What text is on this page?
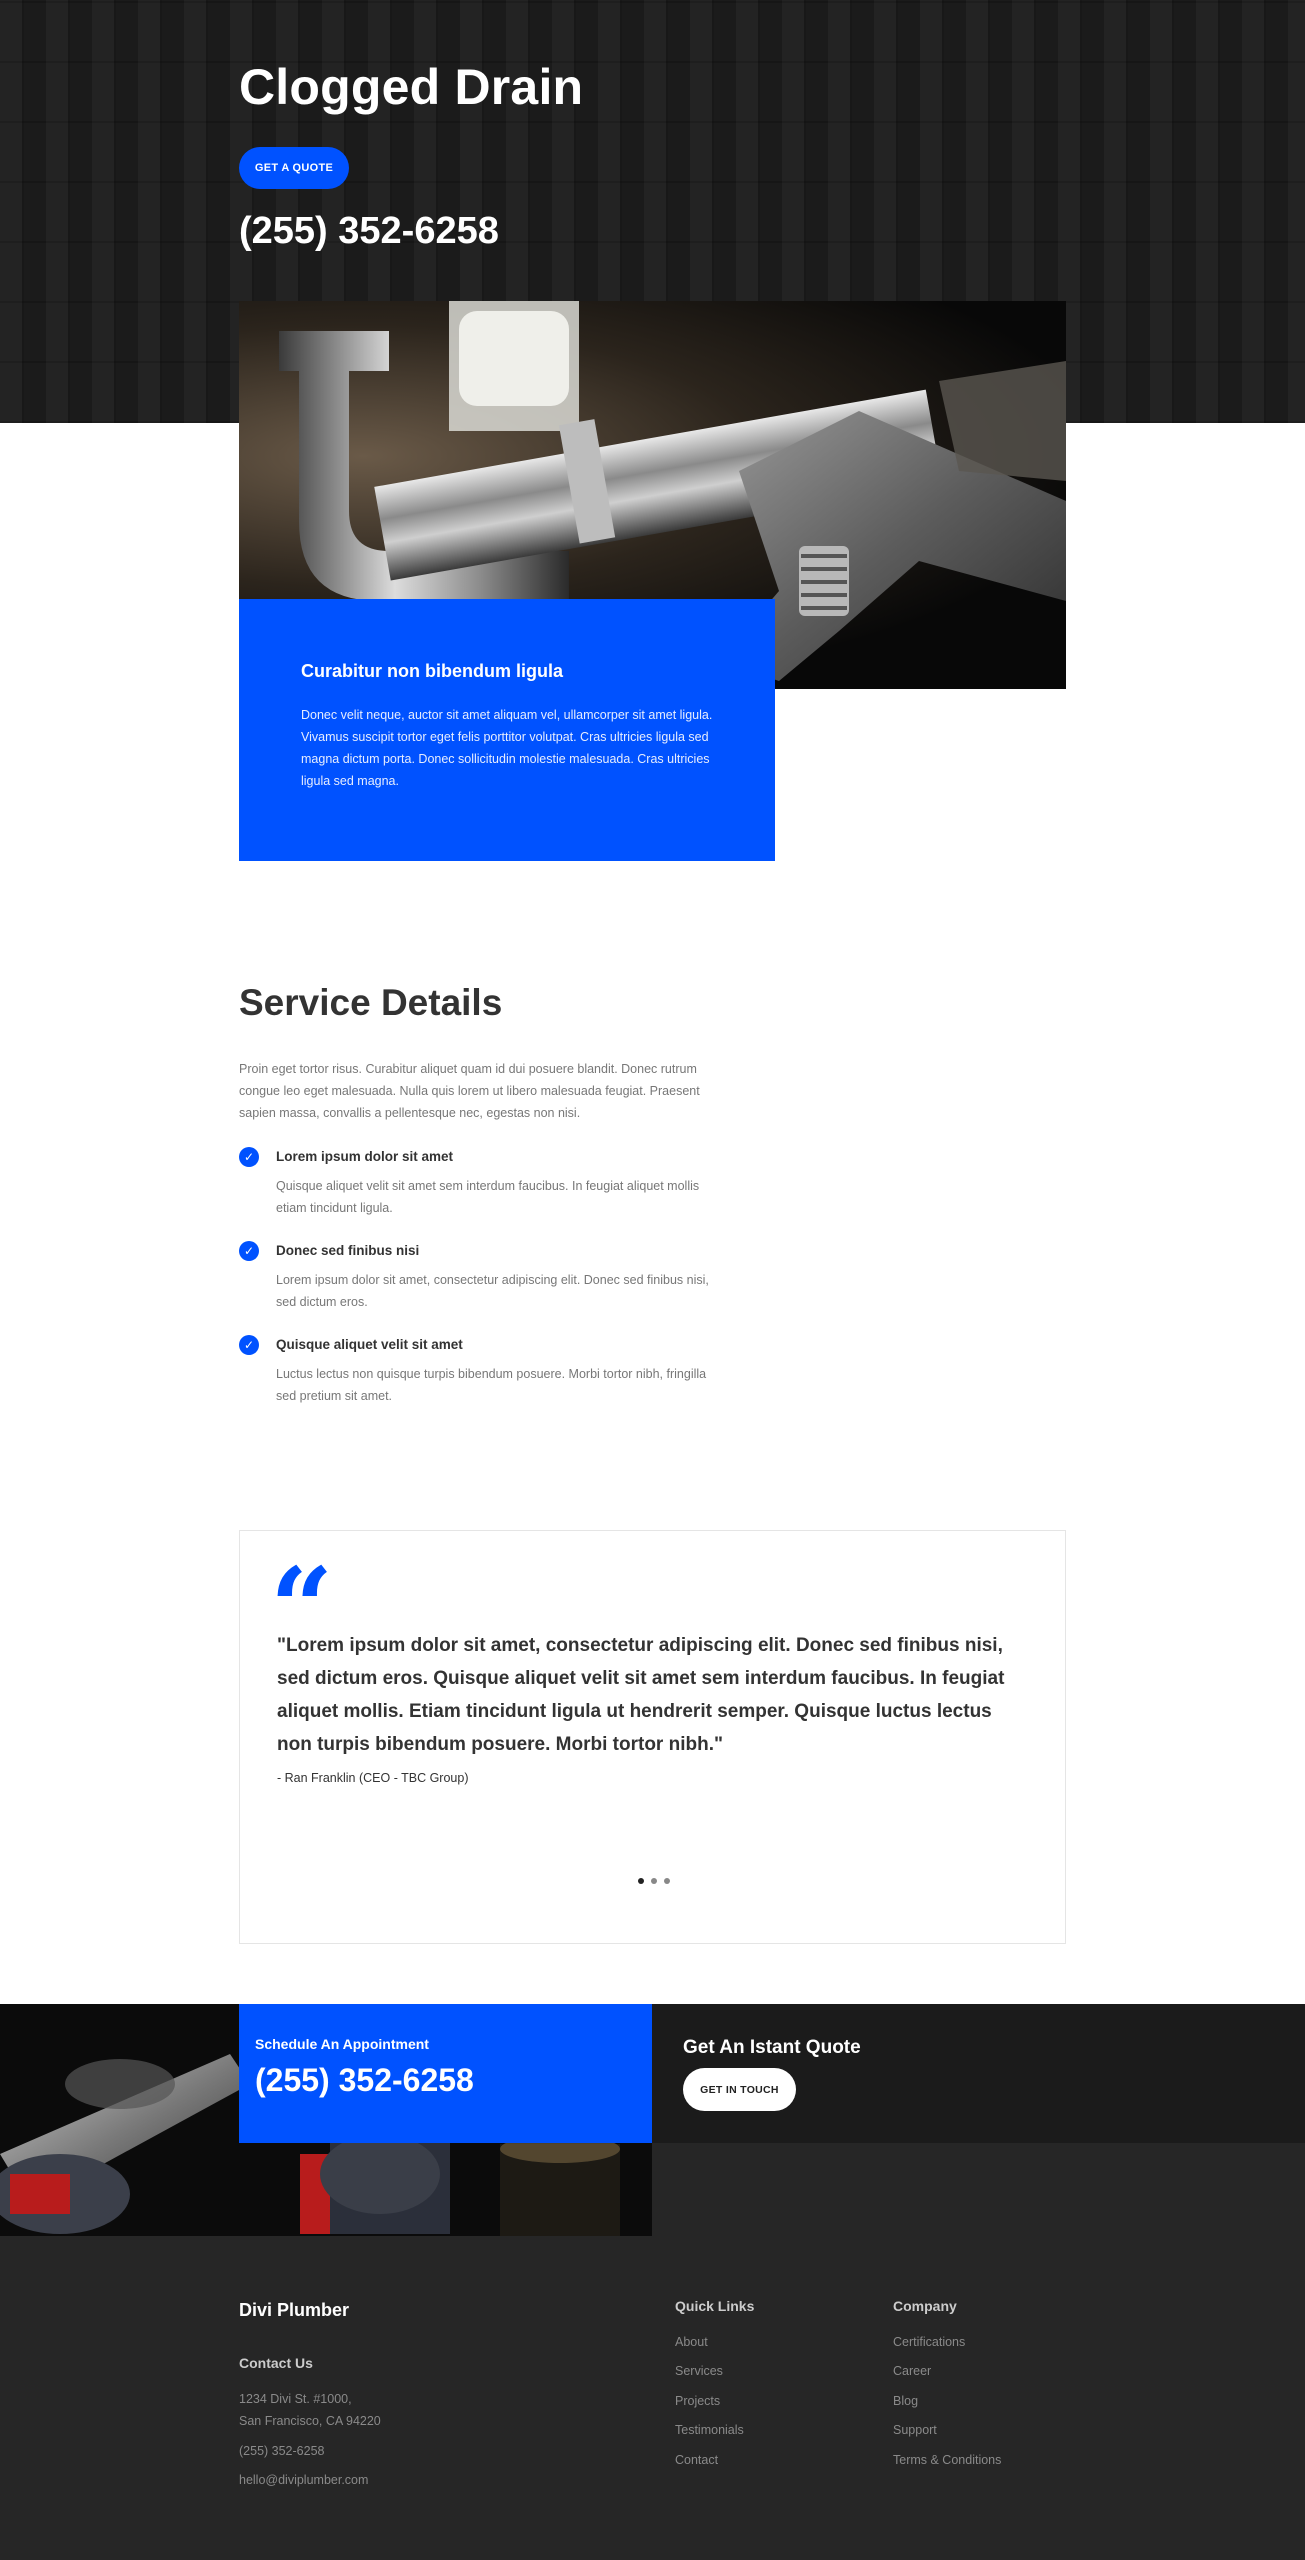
Clogged Drain
GET A QUOTE
(255) 352-6258
Curabitur non bibendum ligula

Donec velit neque, auctor sit amet aliquam vel, ullamcorper sit amet ligula. Vivamus suscipit tortor eget felis porttitor volutpat. Cras ultricies ligula sed magna dictum porta. Donec sollicitudin molestie malesuada. Cras ultricies ligula sed magna.

Service Details

Proin eget tortor risus. Curabitur aliquet quam id dui posuere blandit. Donec rutrum congue leo eget malesuada. Nulla quis lorem ut libero malesuada feugiat. Praesent sapien massa, convallis a pellentesque nec, egestas non nisi.

✓	Lorem ipsum dolor sit amet

Quisque aliquet velit sit amet sem interdum faucibus. In feugiat aliquet mollis etiam tincidunt ligula.

✓	Donec sed finibus nisi

Lorem ipsum dolor sit amet, consectetur adipiscing elit. Donec sed finibus nisi, sed dictum eros.

✓	Quisque aliquet velit sit amet

Luctus lectus non quisque turpis bibendum posuere. Morbi tortor nibh, fringilla sed pretium sit amet.

“

"Lorem ipsum dolor sit amet, consectetur adipiscing elit. Donec sed finibus nisi, sed dictum eros. Quisque aliquet velit sit amet sem interdum faucibus. In feugiat aliquet mollis. Etiam tincidunt ligula ut hendrerit semper. Quisque luctus lectus non turpis bibendum posuere. Morbi tortor nibh."

- Ran Franklin (CEO - TBC Group)

Schedule An Appointment
(255) 352-6258
Get An Istant Quote
GET IN TOUCH
Divi Plumber
Contact Us
1234 Divi St. #1000,
San Francisco, CA 94220
(255) 352-6258
hello@diviplumber.com
Quick Links
About
Services
Projects
Testimonials
Contact
Company
Certifications
Career
Blog
Support
Terms & Conditions
